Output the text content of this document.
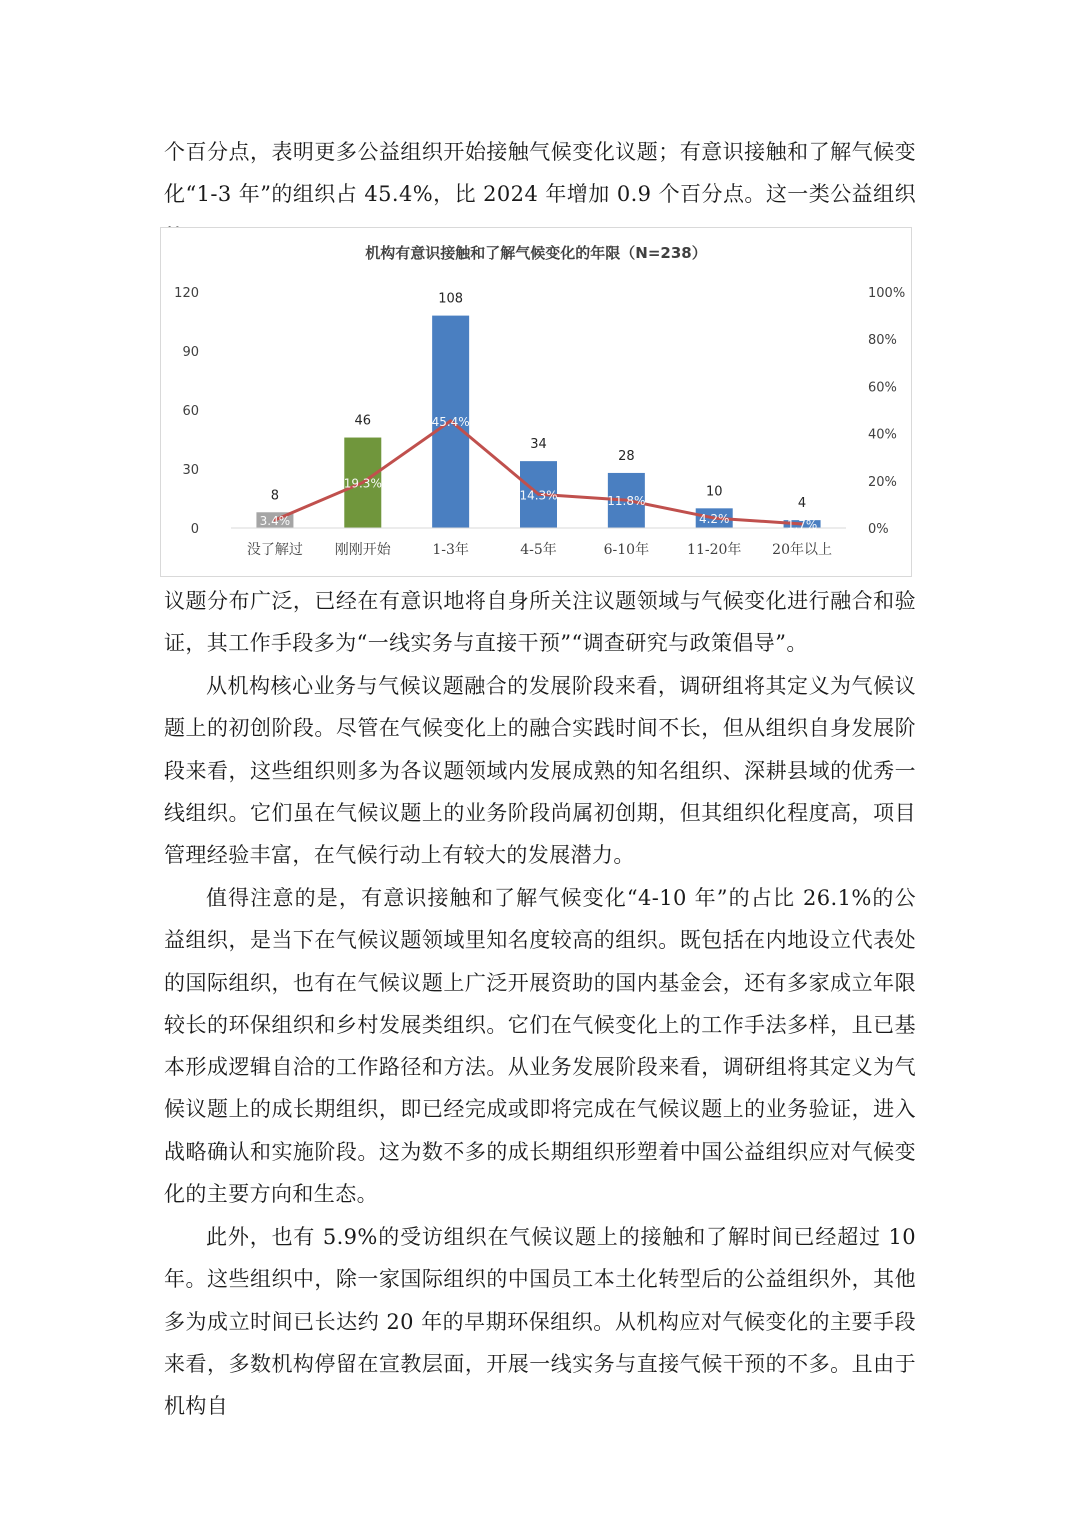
个百分点，表明更多公益组织开始接触气候变化议题；有意识接触和了解气候变化“1-3 年”的组织占 45.4%，比 2024 年增加 0.9 个百分点。这一类公益组织

机构有意识接触和了解气候变化的年限（N=238）

0
30
60
90
120
0%
20%
40%
60%
80%
100%
8
46
108
34
28
10
4
没了解过 刚刚开始	1-3年	4-5年	6-10年	11-20年 20年以上
3.4%
19.3%
45.4%
14.3%	11.8%
4.2%	1.7%

议题分布广泛，已经在有意识地将自身所关注议题领域与气候变化进行融合和验证，其工作手段多为“一线实务与直接干预”“调查研究与政策倡导”。

从机构核心业务与气候议题融合的发展阶段来看，调研组将其定义为气候议题上的初创阶段。尽管在气候变化上的融合实践时间不长，但从组织自身发展阶段来看，这些组织则多为各议题领域内发展成熟的知名组织、深耕县域的优秀一线组织。它们虽在气候议题上的业务阶段尚属初创期，但其组织化程度高，项目管理经验丰富，在气候行动上有较大的发展潜力。

值得注意的是，有意识接触和了解气候变化“4-10 年”的占比 26.1%的公益组织，是当下在气候议题领域里知名度较高的组织。既包括在内地设立代表处的国际组织，也有在气候议题上广泛开展资助的国内基金会，还有多家成立年限较长的环保组织和乡村发展类组织。它们在气候变化上的工作手法多样，且已基本形成逻辑自洽的工作路径和方法。从业务发展阶段来看，调研组将其定义为气候议题上的成长期组织，即已经完成或即将完成在气候议题上的业务验证，进入战略确认和实施阶段。这为数不多的成长期组织形塑着中国公益组织应对气候变化的主要方向和生态。

此外，也有 5.9%的受访组织在气候议题上的接触和了解时间已经超过 10 年。这些组织中，除一家国际组织的中国员工本土化转型后的公益组织外，其他多为成立时间已长达约 20 年的早期环保组织。从机构应对气候变化的主要手段来看，多数机构停留在宣教层面，开展一线实务与直接气候干预的不多。且由于机构自
